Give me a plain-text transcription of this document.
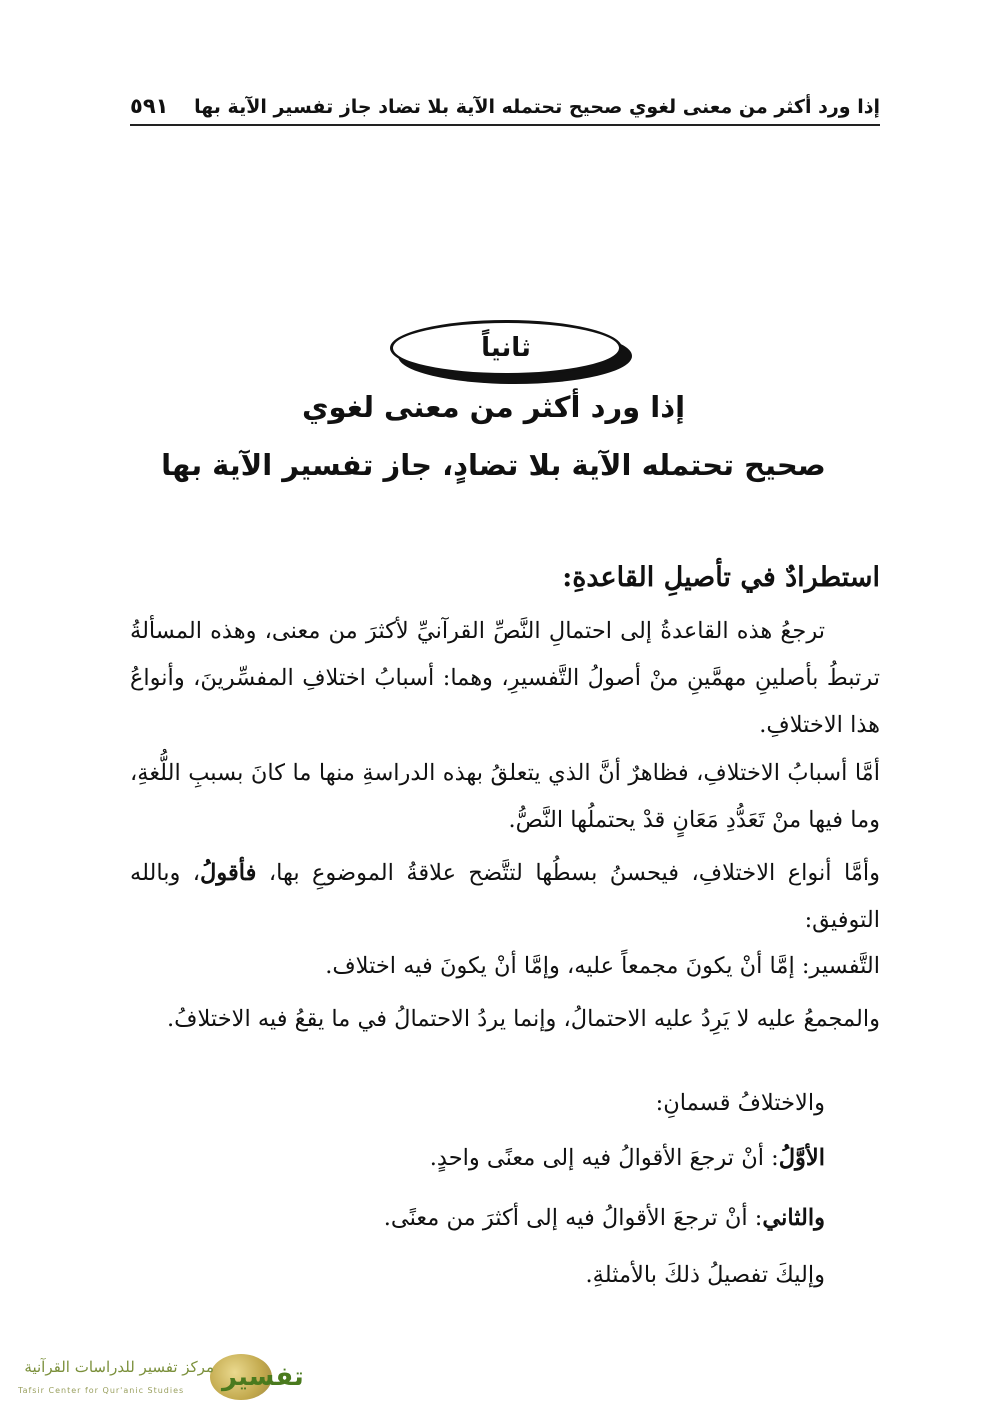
إذا ورد أكثر من معنى لغوي صحيح تحتمله الآية بلا تضاد جاز تفسير الآية بها
٥٩١
ثانياً
إذا ورد أكثر من معنى لغوي
صحيح تحتمله الآية بلا تضادٍ، جاز تفسير الآية بها
استطرادٌ في تأصيلِ القاعدةِ:
ترجعُ هذه القاعدةُ إلى احتمالِ النَّصِّ القرآنيِّ لأكثرَ من معنى، وهذه المسألةُ ترتبطُ بأصلينِ مهمَّينِ منْ أصولُ التَّفسيرِ، وهما: أسبابُ اختلافِ المفسِّرينَ، وأنواعُ هذا الاختلافِ.
أمَّا أسبابُ الاختلافِ، فظاهرٌ أنَّ الذي يتعلقُ بهذه الدراسةِ منها ما كانَ بسببِ اللُّغةِ، وما فيها منْ تَعَدُّدِ مَعَانٍ قدْ يحتملُها النَّصُّ.
وأمَّا أنواع الاختلافِ، فيحسنُ بسطُها لتتَّضح علاقةُ الموضوعِ بها، فأقولُ، وبالله التوفيق:
التَّفسير: إمَّا أنْ يكونَ مجمعاً عليه، وإمَّا أنْ يكونَ فيه اختلاف.
والمجمعُ عليه لا يَرِدُ عليه الاحتمالُ، وإنما يردُ الاحتمالُ في ما يقعُ فيه الاختلافُ.
والاختلافُ قسمانِ:
الأوَّلُ: أنْ ترجعَ الأقوالُ فيه إلى معنًى واحدٍ.
والثاني: أنْ ترجعَ الأقوالُ فيه إلى أكثرَ من معنًى.
وإليكَ تفصيلُ ذلكَ بالأمثلةِ.
تفسير
مركز تفسير للدراسات القرآنية
Tafsir Center for Qur'anic Studies
